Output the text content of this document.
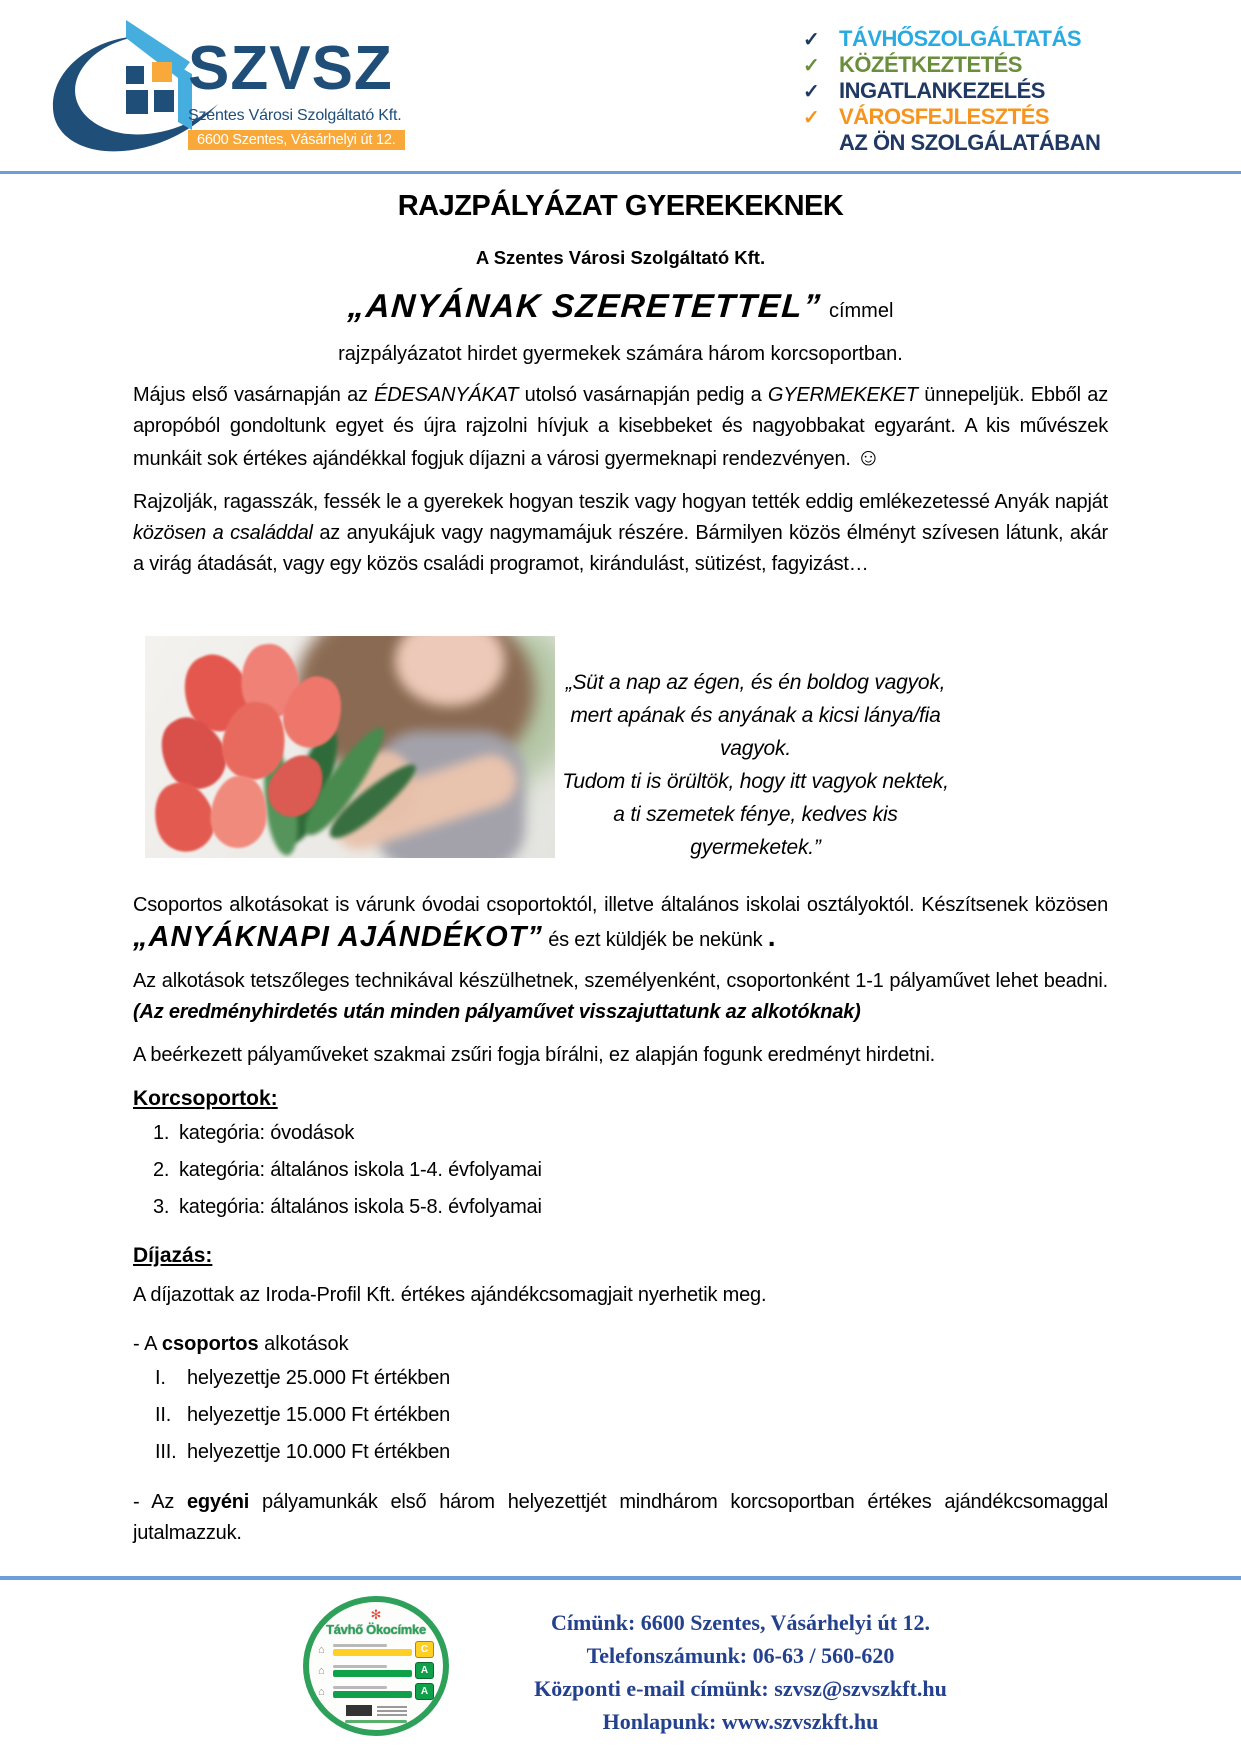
SZVSZ
Szentes Városi Szolgáltató Kft.
6600 Szentes, Vásárhelyi út 12.
✓ TÁVHŐSZOLGÁLTATÁS
✓ KÖZÉTKEZTETÉS
✓ INGATLANKEZELÉS
✓ VÁROSFEJLESZTÉS
AZ ÖN SZOLGÁLATÁBAN
RAJZPÁLYÁZAT GYEREKEKNEK
A Szentes Városi Szolgáltató Kft.
„ANYÁNAK SZERETETTEL” címmel
rajzpályázatot hirdet gyermekek számára három korcsoportban.

Május első vasárnapján az ÉDESANYÁKAT utolsó vasárnapján pedig a GYERMEKEKET ünnepeljük. Ebből az apropóból gondoltunk egyet és újra rajzolni hívjuk a kisebbeket és nagyobbakat egyaránt. A kis művészek munkáit sok értékes ajándékkal fogjuk díjazni a városi gyermeknapi rendezvényen. ☺

Rajzolják, ragasszák, fessék le a gyerekek hogyan teszik vagy hogyan tették eddig emlékezetessé Anyák napját közösen a családdal az anyukájuk vagy nagymamájuk részére. Bármilyen közös élményt szívesen látunk, akár a virág átadását, vagy egy közös családi programot, kirándulást, sütizést, fagyizást…

„Süt a nap az égen, és én boldog vagyok,
mert apának és anyának a kicsi lánya/fia vagyok.
Tudom ti is örültök, hogy itt vagyok nektek,
a ti szemetek fénye, kedves kis gyermeketek.”

Csoportos alkotásokat is várunk óvodai csoportoktól, illetve általános iskolai osztályoktól. Készítsenek közösen „ANYÁKNAPI AJÁNDÉKOT” és ezt küldjék be nekünk .

Az alkotások tetszőleges technikával készülhetnek, személyenként, csoportonként 1-1 pályaművet lehet beadni. (Az eredményhirdetés után minden pályaművet visszajuttatunk az alkotóknak)

A beérkezett pályaműveket szakmai zsűri fogja bírálni, ez alapján fogunk eredményt hirdetni.

Korcsoportok:
1. kategória: óvodások
2. kategória: általános iskola 1-4. évfolyamai
3. kategória: általános iskola 5-8. évfolyamai
Díjazás:
A díjazottak az Iroda-Profil Kft. értékes ajándékcsomagjait nyerhetik meg.
- A csoportos alkotások
I.	helyezettje 25.000 Ft értékben
II. helyezettje 15.000 Ft értékben
III. helyezettje 10.000 Ft értékben

- Az egyéni pályamunkák első három helyezettjét mindhárom korcsoportban értékes ajándékcsomaggal jutalmazzuk.

✻
Távhő Ökocímke
⌂	C
⌂	A
⌂	A
Címünk: 6600 Szentes, Vásárhelyi út 12.
Telefonszámunk: 06-63 / 560-620
Központi e-mail címünk: szvsz@szvszkft.hu
Honlapunk: www.szvszkft.hu
